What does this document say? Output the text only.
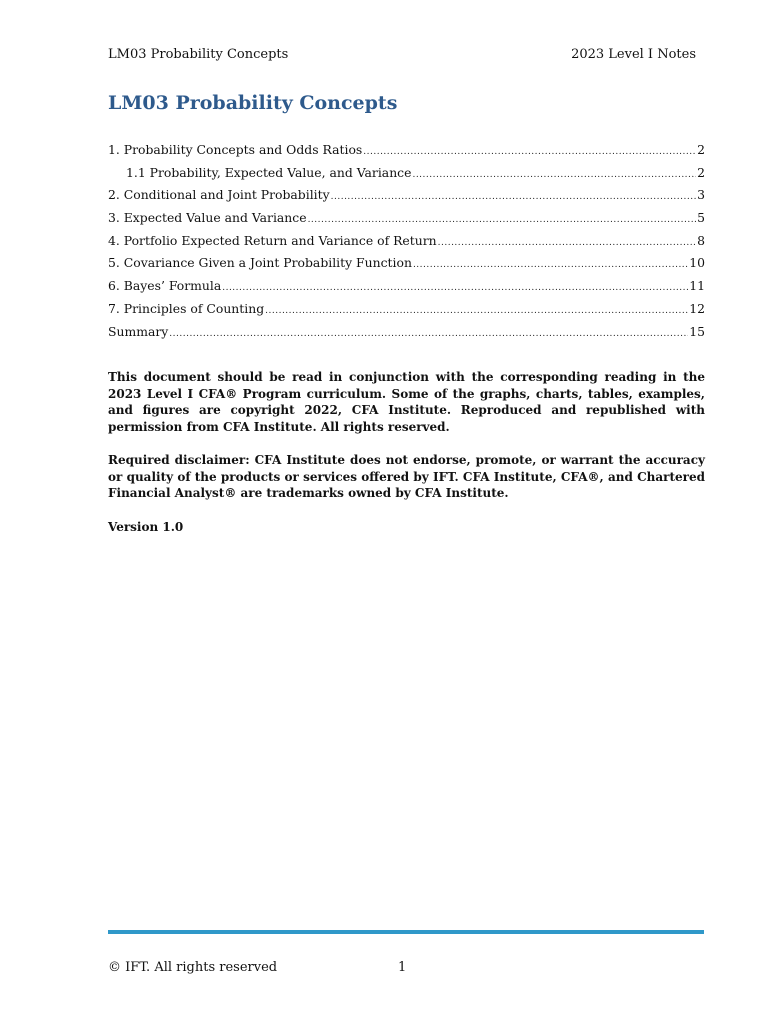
LM03 Probability Concepts	2023 Level I Notes
LM03 Probability Concepts
1. Probability Concepts and Odds Ratios .....	2
1.1 Probability, Expected Value, and Variance .....	2
2. Conditional and Joint Probability .....	3
3. Expected Value and Variance .....	5
4. Portfolio Expected Return and Variance of Return .....	8
5. Covariance Given a Joint Probability Function .....	10
6. Bayes’ Formula .....	11
7. Principles of Counting .....	12
Summary .....	15

This document should be read in conjunction with the corresponding reading in the 2023 Level I CFA® Program curriculum. Some of the graphs, charts, tables, examples, and figures are copyright 2022, CFA Institute. Reproduced and republished with permission from CFA Institute. All rights reserved.

Required disclaimer: CFA Institute does not endorse, promote, or warrant the accuracy or quality of the products or services offered by IFT. CFA Institute, CFA®, and Chartered Financial Analyst® are trademarks owned by CFA Institute.

Version 1.0

© IFT. All rights reserved	1
